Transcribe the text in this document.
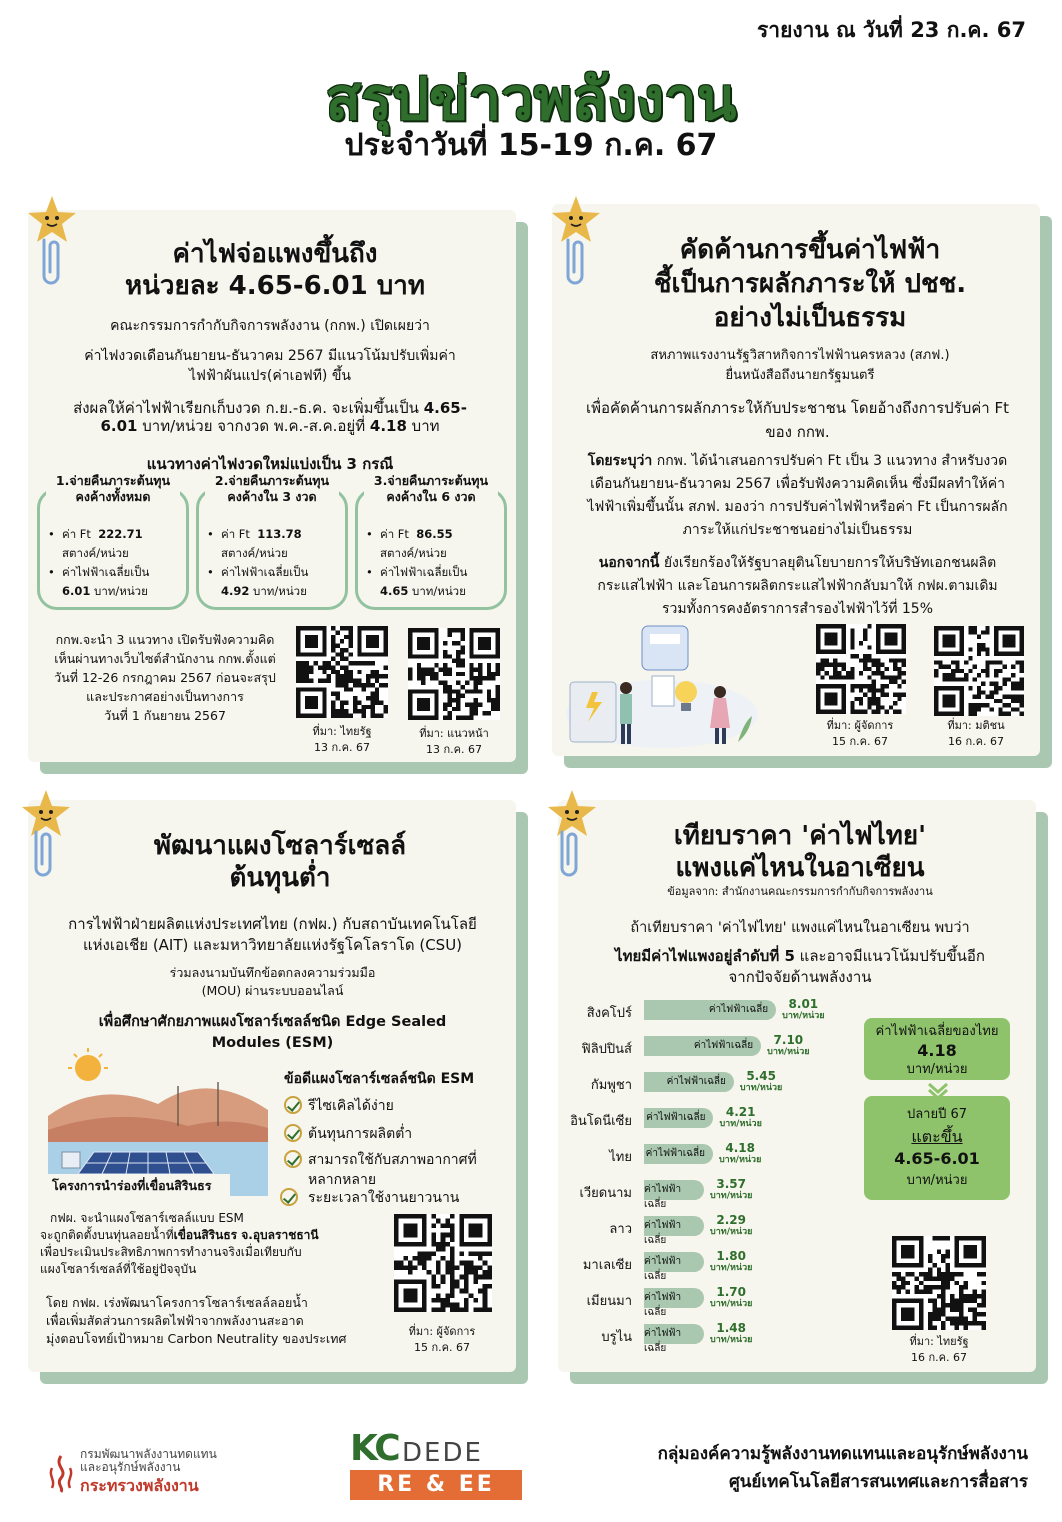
รายงาน ณ วันที่ 23 ก.ค. 67
สรุปข่าวพลังงาน
ประจำวันที่ 15-19 ก.ค. 67
ค่าไฟจ่อแพงขึ้นถึง
หน่วยละ 4.65-6.01 บาท
คณะกรรมการกำกับกิจการพลังงาน (กกพ.) เปิดเผยว่า
ค่าไฟงวดเดือนกันยายน-ธันวาคม 2567 มีแนวโน้มปรับเพิ่มค่า
ไฟฟ้าผันแปร(ค่าเอฟที) ขึ้น
ส่งผลให้ค่าไฟฟ้าเรียกเก็บงวด ก.ย.-ธ.ค. จะเพิ่มขึ้นเป็น 4.65-
6.01 บาท/หน่วย จากงวด พ.ค.-ส.ค.อยู่ที่ 4.18 บาท
แนวทางค่าไฟงวดใหม่แบ่งเป็น 3 กรณี
1.จ่ายคืนภาระต้นทุน
คงค้างทั้งหมด
• ค่า Ft 222.71
สตางค์/หน่วย
• ค่าไฟฟ้าเฉลี่ยเป็น
6.01 บาท/หน่วย
2.จ่ายคืนภาระต้นทุน
คงค้างใน 3 งวด
• ค่า Ft 113.78
สตางค์/หน่วย
• ค่าไฟฟ้าเฉลี่ยเป็น
4.92 บาท/หน่วย
3.จ่ายคืนภาระต้นทุน
คงค้างใน 6 งวด
• ค่า Ft 86.55
สตางค์/หน่วย
• ค่าไฟฟ้าเฉลี่ยเป็น
4.65 บาท/หน่วย
กกพ.จะนำ 3 แนวทาง เปิดรับฟังความคิด
เห็นผ่านทางเว็บไซต์สำนักงาน กกพ.ตั้งแต่
วันที่ 12-26 กรกฎาคม 2567 ก่อนจะสรุป
และประกาศอย่างเป็นทางการ
วันที่ 1 กันยายน 2567
ที่มา: ไทยรัฐ
13 ก.ค. 67
ที่มา: แนวหน้า
13 ก.ค. 67
คัดค้านการขึ้นค่าไฟฟ้า
ชี้เป็นการผลักภาระให้ ปชช.
อย่างไม่เป็นธรรม
สหภาพแรงงานรัฐวิสาหกิจการไฟฟ้านครหลวง (สภฟ.)
ยื่นหนังสือถึงนายกรัฐมนตรี
เพื่อคัดค้านการผลักภาระให้กับประชาชน โดยอ้างถึงการปรับค่า Ft
ของ กกพ.
โดยระบุว่า กกพ. ได้นำเสนอการปรับค่า Ft เป็น 3 แนวทาง สำหรับงวด
เดือนกันยายน-ธันวาคม 2567 เพื่อรับฟังความคิดเห็น ซึ่งมีผลทำให้ค่า
ไฟฟ้าเพิ่มขึ้นนั้น สภฟ. มองว่า การปรับค่าไฟฟ้าหรือค่า Ft เป็นการผลัก
ภาระให้แก่ประชาชนอย่างไม่เป็นธรรม
นอกจากนี้ ยังเรียกร้องให้รัฐบาลยุตินโยบายการให้บริษัทเอกชนผลิต
กระแสไฟฟ้า และโอนการผลิตกระแสไฟฟ้ากลับมาให้ กฟผ.ตามเดิม
รวมทั้งการคงอัตราการสำรองไฟฟ้าไว้ที่ 15%
ที่มา: ผู้จัดการ
15 ก.ค. 67
ที่มา: มติชน
16 ก.ค. 67
พัฒนาแผงโซลาร์เซลล์
ต้นทุนต่ำ
การไฟฟ้าฝ่ายผลิตแห่งประเทศไทย (กฟผ.) กับสถาบันเทคโนโลยี
แห่งเอเชีย (AIT) และมหาวิทยาลัยแห่งรัฐโคโลราโด (CSU)
ร่วมลงนามบันทึกข้อตกลงความร่วมมือ
(MOU) ผ่านระบบออนไลน์
เพื่อศึกษาศักยภาพแผงโซลาร์เซลล์ชนิด Edge Sealed
Modules (ESM)
โครงการนำร่องที่เขื่อนสิรินธร
ข้อดีแผงโซลาร์เซลล์ชนิด ESM
รีไซเคิลได้ง่าย
ต้นทุนการผลิตต่ำ
สามารถใช้กับสภาพอากาศที่
หลากหลาย
ระยะเวลาใช้งานยาวนาน
กฟผ. จะนำแผงโซลาร์เซลล์แบบ ESM
จะถูกติดตั้งบนทุ่นลอยน้ำที่เขื่อนสิรินธร จ.อุบลราชธานี
เพื่อประเมินประสิทธิภาพการทำงานจริงเมื่อเทียบกับ
แผงโซลาร์เซลล์ที่ใช้อยู่ปัจจุบัน
โดย กฟผ. เร่งพัฒนาโครงการโซลาร์เซลล์ลอยน้ำ
เพื่อเพิ่มสัดส่วนการผลิตไฟฟ้าจากพลังงานสะอาด
มุ่งตอบโจทย์เป้าหมาย Carbon Neutrality ของประเทศ	ที่มา: ผู้จัดการ
15 ก.ค. 67
เทียบราคา 'ค่าไฟไทย'
แพงแค่ไหนในอาเซียน
ข้อมูลจาก: สำนักงานคณะกรรมการกำกับกิจการพลังงาน
ถ้าเทียบราคา 'ค่าไฟไทย' แพงแค่ไหนในอาเซียน พบว่า
ไทยมีค่าไฟแพงอยู่ลำดับที่ 5 และอาจมีแนวโน้มปรับขึ้นอีก
จากปัจจัยด้านพลังงาน
สิงคโปร์	ค่าไฟฟ้าเฉลี่ย	8.01
บาท/หน่วย
ฟิลิปปินส์	ค่าไฟฟ้าเฉลี่ย	7.10
บาท/หน่วย
กัมพูชา	ค่าไฟฟ้าเฉลี่ย	5.45
บาท/หน่วย
อินโดนีเซีย ค่าไฟฟ้าเฉลี่ย	4.21
บาท/หน่วย
ไทย ค่าไฟฟ้าเฉลี่ย	4.18
บาท/หน่วย
เวียดนาม ค่าไฟฟ้าเฉลี่ย
3.57
บาท/หน่วย
ลาว ค่าไฟฟ้าเฉลี่ย
2.29
บาท/หน่วย
มาเลเซีย ค่าไฟฟ้าเฉลี่ย
1.80
บาท/หน่วย
เมียนมา ค่าไฟฟ้าเฉลี่ย
1.70
บาท/หน่วย
บรูไน ค่าไฟฟ้าเฉลี่ย
1.48
บาท/หน่วย
ค่าไฟฟ้าเฉลี่ยของไทย
4.18
บาท/หน่วย
ปลายปี 67
แตะขึ้น
4.65-6.01
บาท/หน่วย
ที่มา: ไทยรัฐ
16 ก.ค. 67
กรมพัฒนาพลังงานทดแทน
และอนุรักษ์พลังงาน
กระทรวงพลังงาน
KC DEDE
RE & EE
กลุ่มองค์ความรู้พลังงานทดแทนและอนุรักษ์พลังงาน
ศูนย์เทคโนโลยีสารสนเทศและการสื่อสาร
